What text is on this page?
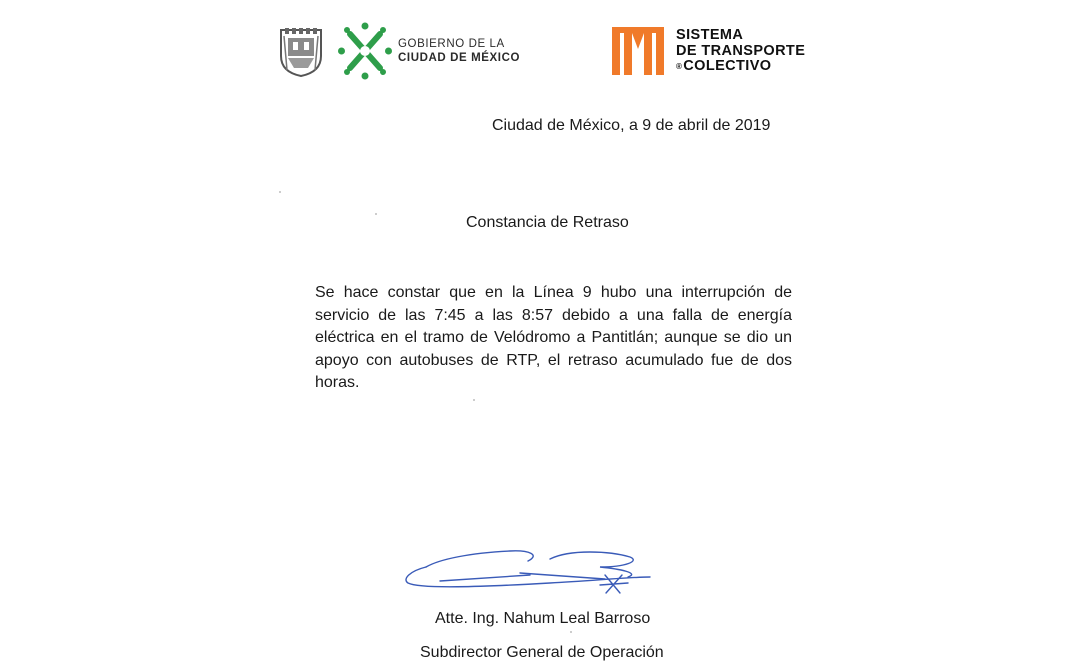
GOBIERNO DE LA
CIUDAD DE MÉXICO
SISTEMA
DE TRANSPORTE
®COLECTIVO
Ciudad de México, a 9 de abril de 2019
Constancia de Retraso
Se hace constar que en la Línea 9 hubo una interrupción de servicio de las 7:45 a las 8:57 debido a una falla de energía eléctrica en el tramo de Velódromo a Pantitlán; aunque se dio un apoyo con autobuses de RTP, el retraso acumulado fue de dos horas.
Atte. Ing. Nahum Leal Barroso
Subdirector General de Operación
